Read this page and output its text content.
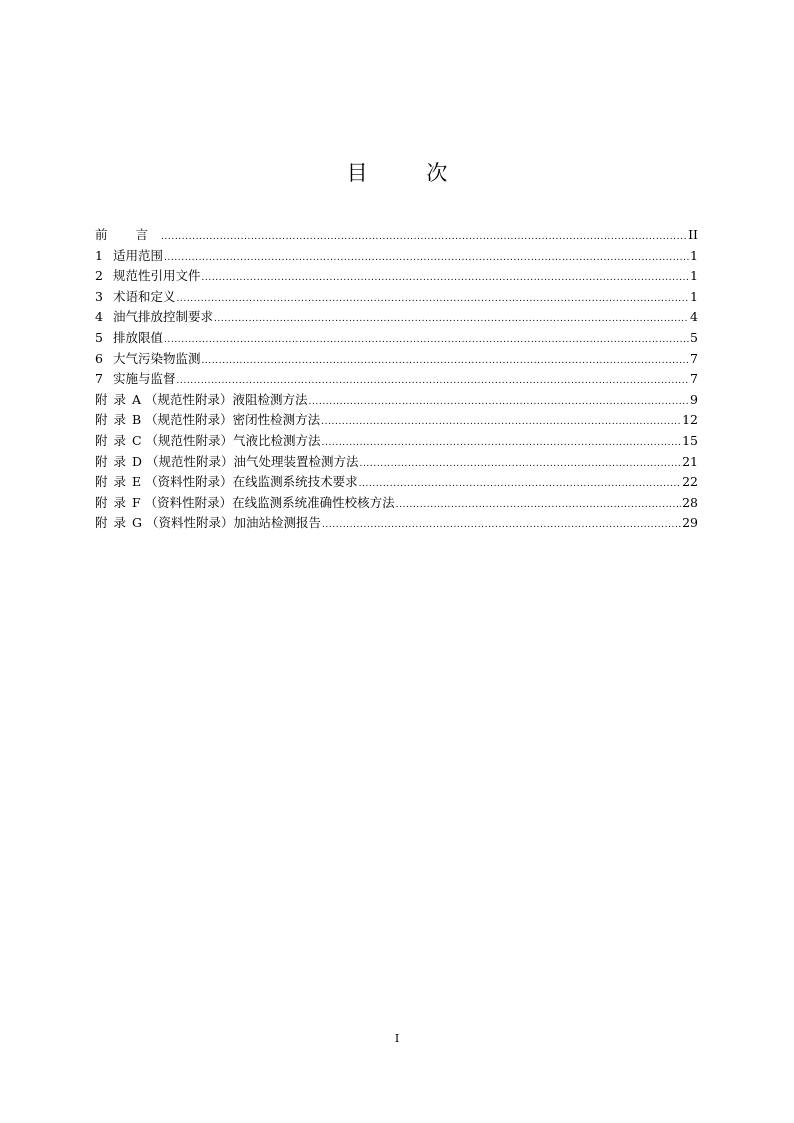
目 次
前 言 .....	II
1 适用范围 .....	1
2 规范性引用文件 .....	1
3 术语和定义 .....	1
4 油气排放控制要求 .....	4
5 排放限值 .....	5
6 大气污染物监测 .....	7
7 实施与监督 .....	7
附 录 A （规范性附录）液阻检测方法 .....	9
附 录 B （规范性附录）密闭性检测方法 .....	12
附 录 C （规范性附录）气液比检测方法 .....	15
附 录 D （规范性附录）油气处理装置检测方法 .....	21
附 录 E （资料性附录）在线监测系统技术要求 .....	22
附 录 F （资料性附录）在线监测系统准确性校核方法 .....	28
附 录 G （资料性附录）加油站检测报告 .....	29
I
